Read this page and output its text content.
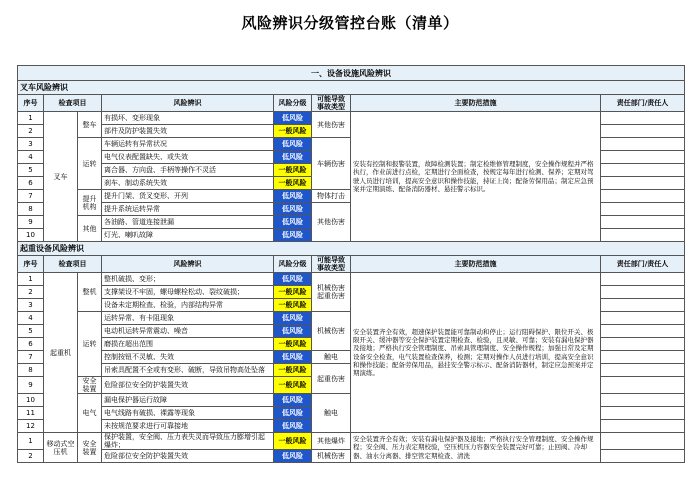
风险辨识分级管控台账（清单）
一、设备设施风险辨识							
叉车风险辨识							
序号	检查项目		风险辨识	风险分级	可能导致事故类型	主要防范措施	责任部门/责任人
1	叉车	整车	有损坏、变形现象	低风险	其他伤害	安装有控制和报警装置，故障检测装置；制定检维修管理制度，安全操作规程并严格执行，作业前进行点检，定期进行全面检查，按规定每年进行检测、保养；定期对驾驶人员进行培训，提高安全意识和操作技能，持证上岗；配备劳保用品；制定应急预案并定期演练、配备消防器材、悬挂警示标识。	
2			部件及防护装置失效	一般风险			
3		运转	车辆运转有异常状况	低风险	车辆伤害		
4			电气仪表配置缺失、或失效	低风险			
5			离合器、方向盘、手柄等操作不灵活	一般风险			
6			刹车、制动系统失效	一般风险			
7		提升机构	提升门架、货叉变形、开列	低风险	物体打击		
8			提升系统运转异常	低风险	其他伤害		
9		其他	各油路、管道连接泄漏	低风险			
10			灯光、喇叭故障	低风险			
起重设备风险辨识							
序号	检查项目		风险辨识	风险分级	可能导致事故类型	主要防范措施	责任部门/责任人
1	起重机	整机	整机破损、变形；	低风险	机械伤害起重伤害	安全装置齐全有效，超速保护装置能可靠制动和停止；运行阻碍保护、限位开关、极限开关、缓冲器等安全保护装置定期检查、检验，且灵敏、可靠；安装有漏电保护器及接地；严格执行安全管理制度、吊索具管理制度、安全操作规程；加强日常及定期设备安全检查，电气装置检查保养，检测；定期对操作人员进行培训，提高安全意识和操作技能；配备劳保用品，悬挂安全警示标示、配备消防器材，制定应急预案并定期演练。	
2			支撑架设不牢固，螺母螺栓松动、裂纹破损；	一般风险			
3			设备未定期检查、检验，内部结构异常	一般风险			
4		运转	运转异常、有卡阻现象	低风险	机械伤害		
5			电动机运转异常震动、噪音	低风险			
6			磨损在超出范围	一般风险			
7			控制按钮不灵敏、失效	低风险	触电		
8			吊索具配置不全或有变形、破断，导致吊物高处坠落	一般风险	起重伤害		
9		安全装置	危险部位安全防护装置失效	一般风险			
10		电气	漏电保护器运行故障	低风险	触电		
11			电气线路有破损、裸露等现象	低风险			
12			未按规范要求进行可靠接地	低风险			
1	移动式空压机	安全装置	保护装置，安全阀、压力表失灵而导致压力膨增引起爆炸；	一般风险	其他爆炸	安全装置齐全有效；安装有漏电保护器及接地；严格执行安全管理制度、安全操作规程；安全阀、压力表定期校验，空压机压力容器安全装置完好可靠；止回阀、冷却器、油水分离器、排空管定期检查、清洗	
2			危险部位安全防护装置失效	低风险	机械伤害		
